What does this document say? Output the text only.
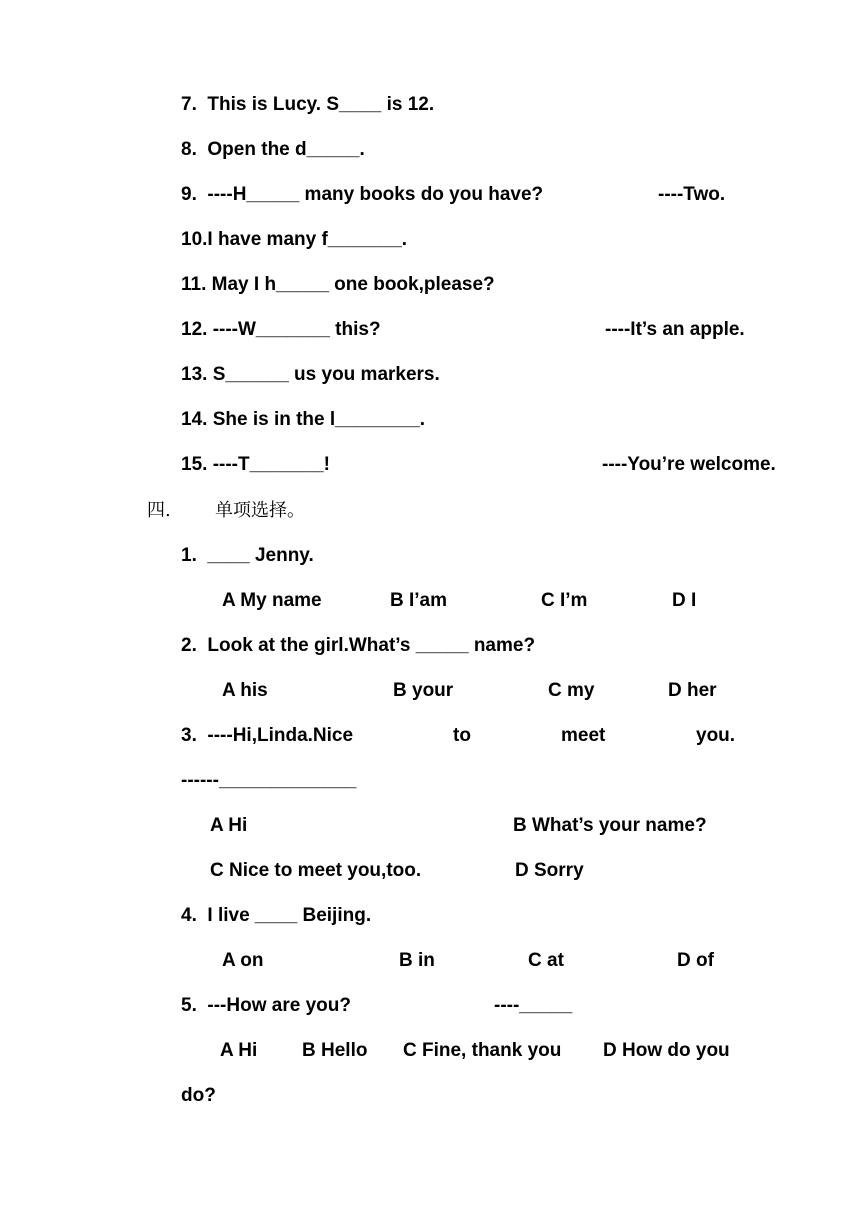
7.  This is Lucy. S____ is 12.
8.  Open the d_____.
9.  ----H_____ many books do you have?	----Two.
10.I have many f_______.
11. May I h_____ one book,please?
12. ----W_______ this?	----It’s an apple.
13. S______ us you markers.
14. She is in the l________.
15. ----T_______!	----You’re welcome.
四. 单项选择。
1.  ____ Jenny.
A My name	B I’am	C I’m	D I
2.  Look at the girl.What’s _____ name?
A his	B your	C my	D her
3.  ----Hi,Linda.Nice	to	meet	you.
------_____________
A Hi	B What’s your name?
C Nice to meet you,too.	D Sorry
4.  I live ____ Beijing.
A on	B in	C at	D of
5.  ---How are you?	----_____
A Hi B Hello C Fine, thank you D How do you
do?
